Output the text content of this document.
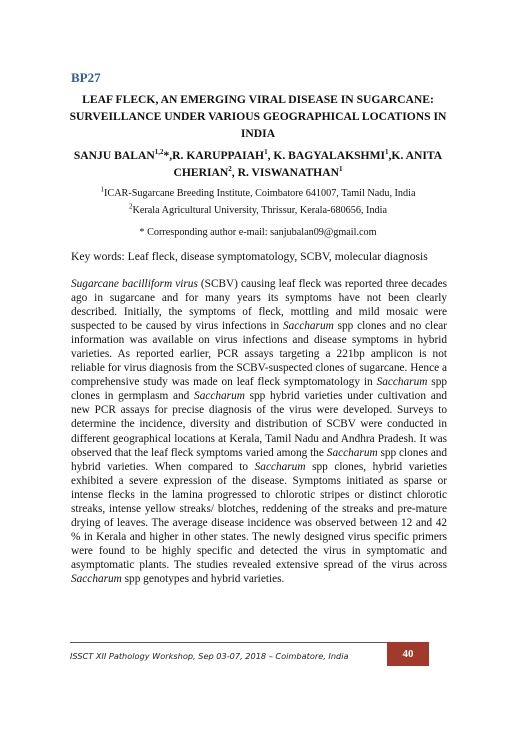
BP27
LEAF FLECK, AN EMERGING VIRAL DISEASE IN SUGARCANE: SURVEILLANCE UNDER VARIOUS GEOGRAPHICAL LOCATIONS IN INDIA
SANJU BALAN$^{1,2}$*,R. KARUPPAIAH$^1$, K. BAGYALAKSHMI$^1$,K. ANITA CHERIAN$^2$, R. VISWANATHAN$^1$
$^1$ICAR-Sugarcane Breeding Institute, Coimbatore 641007, Tamil Nadu, India
$^2$Kerala Agricultural University, Thrissur, Kerala-680656, India
* Corresponding author e-mail: sanjubalan09@gmail.com
Key words: Leaf fleck, disease symptomatology, SCBV, molecular diagnosis
Sugarcane bacilliform virus (SCBV) causing leaf fleck was reported three decades ago in sugarcane and for many years its symptoms have not been clearly described. Initially, the symptoms of fleck, mottling and mild mosaic were suspected to be caused by virus infections in Saccharum spp clones and no clear information was available on virus infections and disease symptoms in hybrid varieties. As reported earlier, PCR assays targeting a 221bp amplicon is not reliable for virus diagnosis from the SCBV-suspected clones of sugarcane. Hence a comprehensive study was made on leaf fleck symptomatology in Saccharum spp clones in germplasm and Saccharum spp hybrid varieties under cultivation and new PCR assays for precise diagnosis of the virus were developed. Surveys to determine the incidence, diversity and distribution of SCBV were conducted in different geographical locations at Kerala, Tamil Nadu and Andhra Pradesh. It was observed that the leaf fleck symptoms varied among the Saccharum spp clones and hybrid varieties. When compared to Saccharum spp clones, hybrid varieties exhibited a severe expression of the disease. Symptoms initiated as sparse or intense flecks in the lamina progressed to chlorotic stripes or distinct chlorotic streaks, intense yellow streaks/ blotches, reddening of the streaks and pre-mature drying of leaves. The average disease incidence was observed between 12 and 42 % in Kerala and higher in other states. The newly designed virus specific primers were found to be highly specific and detected the virus in symptomatic and asymptomatic plants. The studies revealed extensive spread of the virus across Saccharum spp genotypes and hybrid varieties.
ISSCT XII Pathology Workshop, Sep 03-07, 2018 – Coimbatore, India	40
